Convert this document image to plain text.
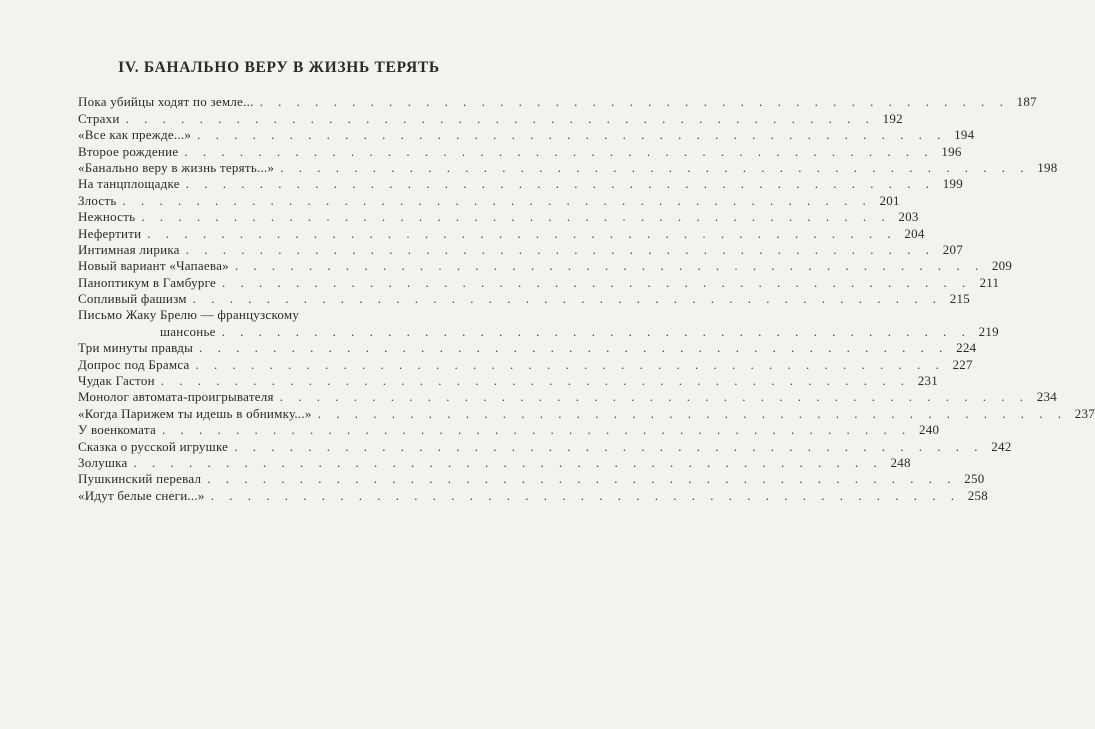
IV. БАНАЛЬНО ВЕРУ В ЖИЗНЬ ТЕРЯТЬ
Пока убийцы ходят по земле... . . . . . . . . . . . . . . . . . . . . . . . . . . . . . . . . . . . . . . . . . 187
Страхи . . . . . . . . . . . . . . . . . . . . . . . . . . . . . . . . . . . . . . . . . 192
«Все как прежде...» . . . . . . . . . . . . . . . . . . . . . . . . . . . . . . . . . . . . . . . . . 194
Второе рождение . . . . . . . . . . . . . . . . . . . . . . . . . . . . . . . . . . . . . . . . . 196
«Банально веру в жизнь терять...» . . . . . . . . . . . . . . . . . . . . . . . . . . . . . . . . . . . . . . . . . 198
На танцплощадке . . . . . . . . . . . . . . . . . . . . . . . . . . . . . . . . . . . . . . . . . 199
Злость . . . . . . . . . . . . . . . . . . . . . . . . . . . . . . . . . . . . . . . . . 201
Нежность . . . . . . . . . . . . . . . . . . . . . . . . . . . . . . . . . . . . . . . . . 203
Нефертити . . . . . . . . . . . . . . . . . . . . . . . . . . . . . . . . . . . . . . . . . 204
Интимная лирика . . . . . . . . . . . . . . . . . . . . . . . . . . . . . . . . . . . . . . . . . 207
Новый вариант «Чапаева» . . . . . . . . . . . . . . . . . . . . . . . . . . . . . . . . . . . . . . . . . 209
Паноптикум в Гамбурге . . . . . . . . . . . . . . . . . . . . . . . . . . . . . . . . . . . . . . . . . 211
Сопливый фашизм . . . . . . . . . . . . . . . . . . . . . . . . . . . . . . . . . . . . . . . . . 215
Письмо Жаку Брелю — французскому
шансонье . . . . . . . . . . . . . . . . . . . . . . . . . . . . . . . . . . . . . . . . . 219
Три минуты правды . . . . . . . . . . . . . . . . . . . . . . . . . . . . . . . . . . . . . . . . . 224
Допрос под Брамса . . . . . . . . . . . . . . . . . . . . . . . . . . . . . . . . . . . . . . . . . 227
Чудак Гастон . . . . . . . . . . . . . . . . . . . . . . . . . . . . . . . . . . . . . . . . . 231
Монолог автомата-проигрывателя . . . . . . . . . . . . . . . . . . . . . . . . . . . . . . . . . . . . . . . . . 234
«Когда Парижем ты идешь в обнимку...» . . . . . . . . . . . . . . . . . . . . . . . . . . . . . . . . . . . . . . . . . 237
У военкомата . . . . . . . . . . . . . . . . . . . . . . . . . . . . . . . . . . . . . . . . . 240
Сказка о русской игрушке . . . . . . . . . . . . . . . . . . . . . . . . . . . . . . . . . . . . . . . . . 242
Золушка . . . . . . . . . . . . . . . . . . . . . . . . . . . . . . . . . . . . . . . . . 248
Пушкинский перевал . . . . . . . . . . . . . . . . . . . . . . . . . . . . . . . . . . . . . . . . . 250
«Идут белые снеги...» . . . . . . . . . . . . . . . . . . . . . . . . . . . . . . . . . . . . . . . . . 258
